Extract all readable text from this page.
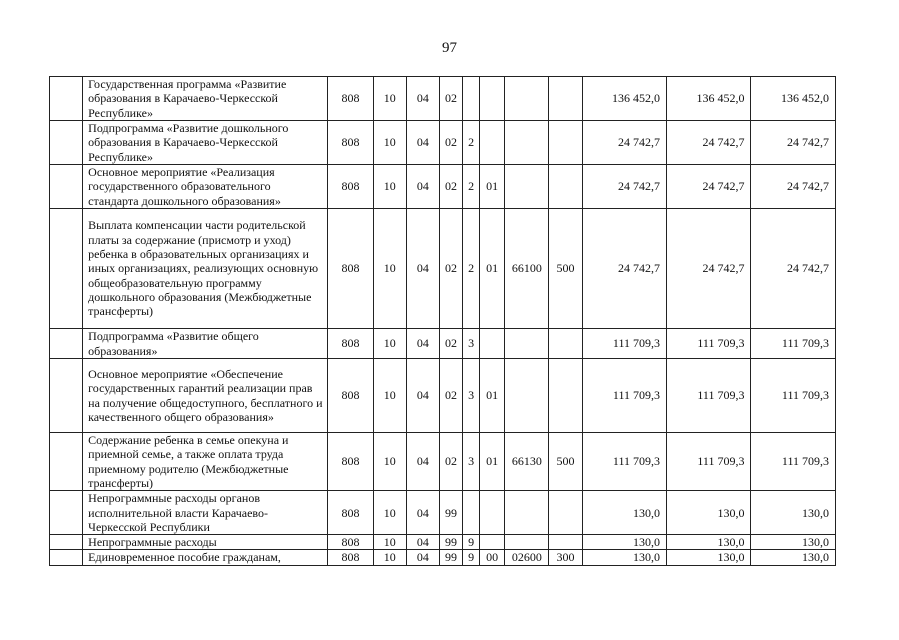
97
	Государственная программа «Развитие образования в Карачаево-Черкесской Республике»	808	10	04	02					136 452,0	136 452,0	136 452,0
	Подпрограмма «Развитие дошкольного образования в Карачаево-Черкесской Республике»	808	10	04	02	2				24 742,7	24 742,7	24 742,7
	Основное мероприятие «Реализация государственного образовательного стандарта дошкольного образования»	808	10	04	02	2	01			24 742,7	24 742,7	24 742,7
	Выплата компенсации части родительской платы за содержание (присмотр и уход) ребенка в образовательных организациях и иных организациях, реализующих основную общеобразовательную программу дошкольного образования (Межбюджетные трансферты)	808	10	04	02	2	01	66100	500	24 742,7	24 742,7	24 742,7
	Подпрограмма «Развитие общего образования»	808	10	04	02	3				111 709,3	111 709,3	111 709,3
	Основное мероприятие «Обеспечение государственных гарантий реализации прав на получение общедоступного, бесплатного и качественного общего образования»	808	10	04	02	3	01			111 709,3	111 709,3	111 709,3
	Содержание ребенка в семье опекуна и приемной семье, а также оплата труда приемному родителю (Межбюджетные трансферты)	808	10	04	02	3	01	66130	500	111 709,3	111 709,3	111 709,3
	Непрограммные расходы органов исполнительной власти Карачаево-Черкесской Республики	808	10	04	99					130,0	130,0	130,0
	Непрограммные расходы	808	10	04	99	9				130,0	130,0	130,0
	Единовременное пособие гражданам,	808	10	04	99	9	00	02600	300	130,0	130,0	130,0
